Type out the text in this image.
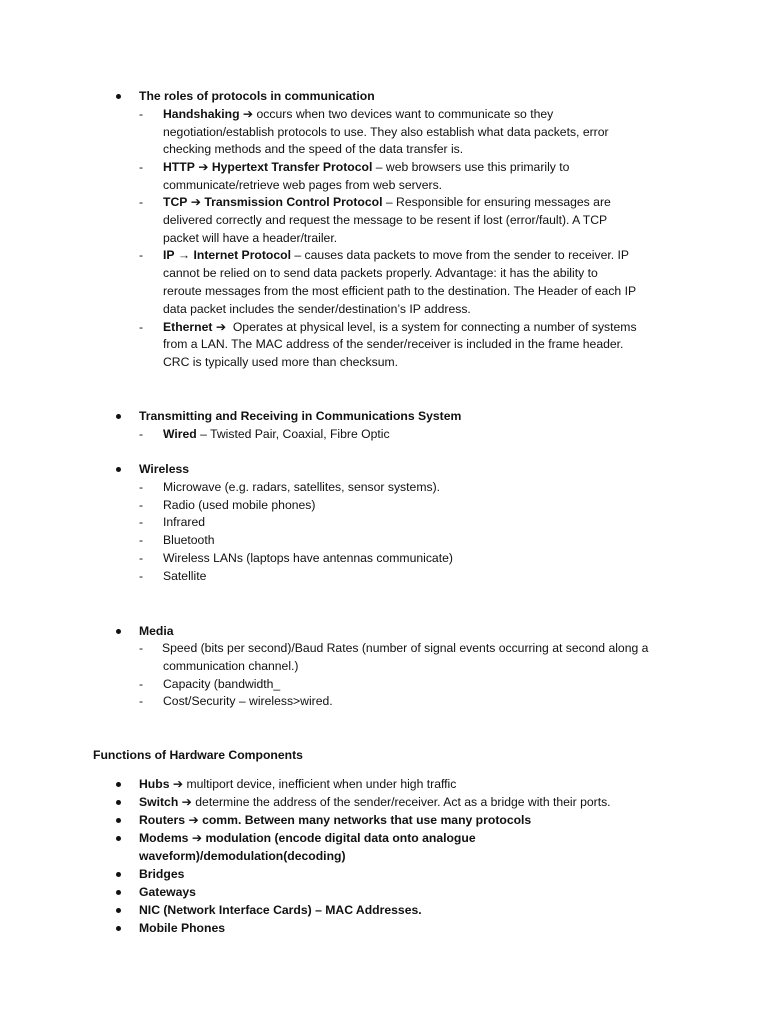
The roles of protocols in communication
- Handshaking ➔ occurs when two devices want to communicate so they
negotiation/establish protocols to use. They also establish what data packets, error
checking methods and the speed of the data transfer is.
- HTTP ➔ Hypertext Transfer Protocol – web browsers use this primarily to
communicate/retrieve web pages from web servers.
- TCP ➔ Transmission Control Protocol – Responsible for ensuring messages are
delivered correctly and request the message to be resent if lost (error/fault). A TCP
packet will have a header/trailer.
- IP → Internet Protocol – causes data packets to move from the sender to receiver. IP
cannot be relied on to send data packets properly. Advantage: it has the ability to
reroute messages from the most efficient path to the destination. The Header of each IP
data packet includes the sender/destination’s IP address.
- Ethernet ➔ Operates at physical level, is a system for connecting a number of systems
from a LAN. The MAC address of the sender/receiver is included in the frame header.
CRC is typically used more than checksum.
Transmitting and Receiving in Communications System
- Wired – Twisted Pair, Coaxial, Fibre Optic
Wireless
- Microwave (e.g. radars, satellites, sensor systems).
- Radio (used mobile phones)
- Infrared
- Bluetooth
- Wireless LANs (laptops have antennas communicate)
- Satellite
Media
- Speed (bits per second)/Baud Rates (number of signal events occurring at second along a
communication channel.)
- Capacity (bandwidth_
- Cost/Security – wireless>wired.
Functions of Hardware Components
Hubs ➔ multiport device, inefficient when under high traffic
Switch ➔ determine the address of the sender/receiver. Act as a bridge with their ports.
Routers ➔ comm. Between many networks that use many protocols
Modems ➔ modulation (encode digital data onto analogue
waveform)/demodulation(decoding)
Bridges
Gateways
NIC (Network Interface Cards) – MAC Addresses.
Mobile Phones
